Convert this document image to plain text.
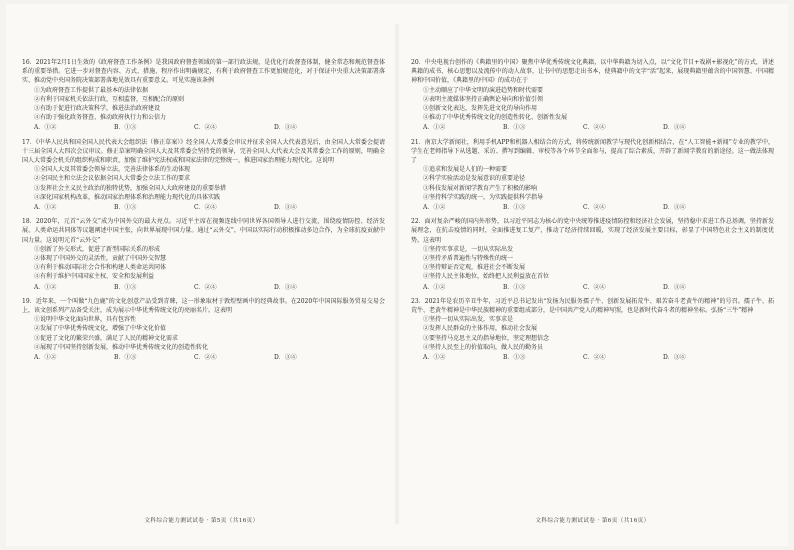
16．2021年2月1日生效的《政府督查工作条例》是我国政府督查领域的第一部行政法规，是优化行政督查体制，健全常态和规范督查体系的重要举措。它进一步对督查内容、方式、措施、程序作出明确规定，有利于政府督查工作更加规范化，对于保证中央重大决策部署落实、推动党中央国务院决策部署落地见效具有重要意义。可见实施该条例
①为政府督查工作提供了最基本的法律依据
②有利于国家机关依法行政，互相监督，互相配合的原则
③有助于促进行政决策科学，推进法治政府建设
④有助于强化政务督查、推动政府执行力和公信力
A．①②	B．①③	C．②④	D．③④
17．《中华人民共和国全国人民代表大会组织法（修正草案）》经全国人大常委会审议并征求全国人大代表意见后，由全国人大常委会提请十三届全国人大四次会议审议。修正草案明确全国人大及其常委会坚持党的领导，完善全国人大代表大会及其常委会工作的原则，明确全国人大常委会机关的组织构成和职责，加强了维护宪法权威和国家法律的完整统一，推进国家治理能力现代化。这说明
①全国人大及其常委会领导立法，完善法律体系的生动体现
②全国民主和立法会议依据全国人大常委会立法工作的要求
③发挥社会主义民主政治的独特优势，加强全国人大政府建设的重要举措
④深化国家机构改革，推动国家治理体系和治理能力现代化的具体实践
A．①②	B．①③	C．②④	D．③④
18．2020年，元首“云外交”成为中国外交的最大亮点。习近平主席在视频连线中同世界各国领导人进行交流，围绕疫情防控、经济发展、人类命运共同体等议题阐述中国主张，向世界展现中国力量。通过“云外交”，中国以实际行动积极推动多边合作，为全球抗疫贡献中国力量。这说明元首“云外交”
①创新了外交形式，促进了新型国际关系的形成
②体现了中国外交的灵活性，贡献了中国外交智慧
③有利于推动国际社会合作和构建人类命运共同体
④有利于维护中国国家主权、安全和发展利益
A．①②	B．①③	C．②④	D．③④
19．近年来，一个叫做“九色鹿”的文化创意产品受到青睐，这一形象取材于敦煌壁画中的经典故事。在2020年中国国际服务贸易交易会上，该文创系列产品备受关注，成为展示中华优秀传统文化的亮丽名片。这表明
①说明中华文化面向世界，具有包容性
②发展了中华优秀传统文化，增强了中华文化价值
③促进了文化的繁荣兴盛，满足了人民的精神文化需求
④展现了中国坚持创新发展，推动中华优秀传统文化的创造性转化
A．①②	B．①③	C．②④	D．③④
文科综合能力测试试卷 · 第5页（共16页）
20．中央电视台创作的《典籍里的中国》聚焦中华优秀传统文化典籍，以中华典籍为切入点，以“文化节目+戏剧+影视化”的方式，讲述典籍的成书、核心思想以及流传中的动人故事，让书中的思想走出书本，使典籍中的文字“活”起来，展现典籍里蕴含的中国智慧、中国精神和中国价值，《典籍里的中国》的成功在于
①主动顺应了中华文明的演进趋势和时代需要
②表明主流媒体坚持正确舆论导向和价值引领
③创新文化表达，发挥先进文化的导向作用
④推动了中华优秀传统文化的创造性转化、创新性发展
A．①②	B．①③	C．②④	D．③④
21．南京大学新闻社，利用手机APP和机器人相结合的方式，将传统新闻教学与现代化创新相结合，在“人工智能+新闻”专业的教学中，学生在老师指导下从选题、采访、撰写到编辑、审校等各个环节全面参与，提高了综合素质，开辟了新闻学教育的新途径。这一做法体现了
①追求和发展是人们的一种需要
②科学实验活动是发展意识的重要途径
③科技发展对新闻学教育产生了积极的影响
④坚持科学实践的统一，为实践提供科学指导
A．①②	B．①③	C．②④	D．③④
22．面对复杂严峻的国内外形势，以习近平同志为核心的党中央统筹推进疫情防控和经济社会发展，坚持稳中求进工作总基调，坚持新发展理念，在抗击疫情的同时，全面推进复工复产，推动了经济持续回暖，实现了经济发展主要目标，彰显了中国特色社会主义的制度优势。这表明
①坚持实事求是，一切从实际出发
②坚持矛盾普遍性与特殊性的统一
③坚持辩证否定观，推进社会不断发展
④坚持人民主体地位，始终把人民利益放在首位
A．①②	B．①③	C．②④	D．③④
23．2021年是农历辛丑牛年，习近平总书记发出“发扬为民服务孺子牛、创新发展拓荒牛、艰苦奋斗老黄牛的精神”的号召。孺子牛、拓荒牛、老黄牛精神是中华民族精神的重要组成部分，是中国共产党人的精神写照，也是新时代奋斗者的精神坐标。弘扬“三牛”精神
①坚持一切从实际出发，实事求是
②发挥人民群众的主体作用，推动社会发展
③要坚持马克思主义的指导地位，坚定理想信念
④坚持人民至上的价值取向，做人民的勤务员
A．①②	B．①③	C．②④	D．③④
文科综合能力测试试卷 · 第6页（共16页）
